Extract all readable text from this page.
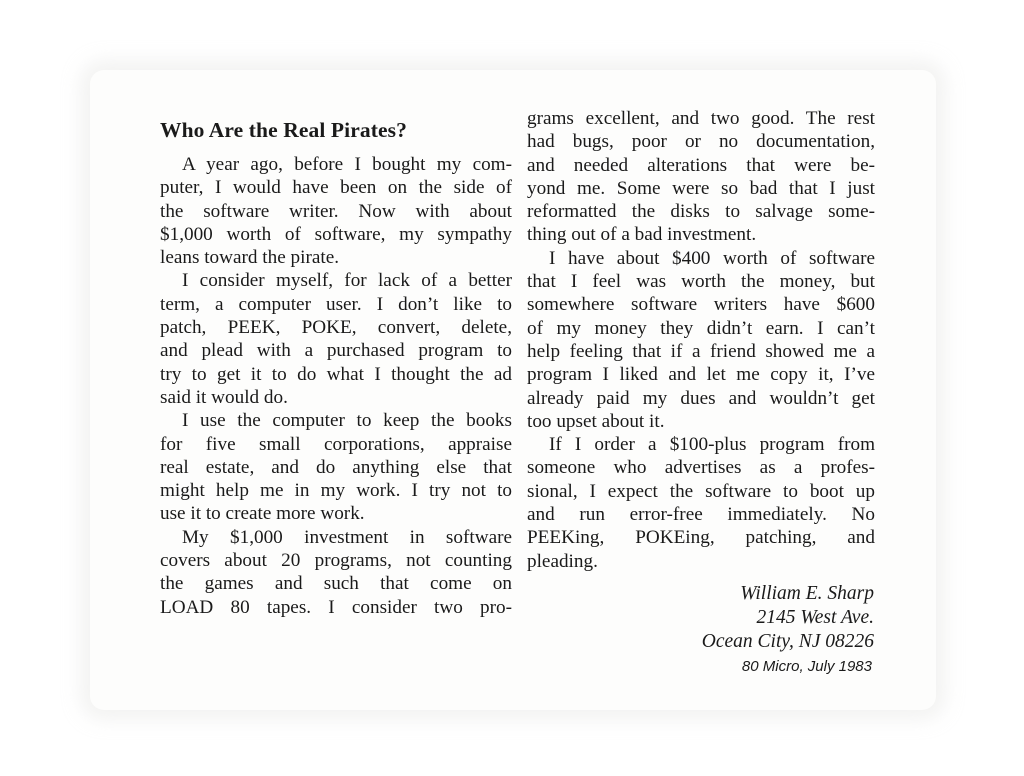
Who Are the Real Pirates?
A year ago, before I bought my com-
puter, I would have been on the side of
the software writer. Now with about
$1,000 worth of software, my sympathy
leans toward the pirate.
I consider myself, for lack of a better
term, a computer user. I don’t like to
patch, PEEK, POKE, convert, delete,
and plead with a purchased program to
try to get it to do what I thought the ad
said it would do.
I use the computer to keep the books
for five small corporations, appraise
real estate, and do anything else that
might help me in my work. I try not to
use it to create more work.
My $1,000 investment in software
covers about 20 programs, not counting
the games and such that come on
LOAD 80 tapes. I consider two pro-
grams excellent, and two good. The rest
had bugs, poor or no documentation,
and needed alterations that were be-
yond me. Some were so bad that I just
reformatted the disks to salvage some-
thing out of a bad investment.
I have about $400 worth of software
that I feel was worth the money, but
somewhere software writers have $600
of my money they didn’t earn. I can’t
help feeling that if a friend showed me a
program I liked and let me copy it, I’ve
already paid my dues and wouldn’t get
too upset about it.
If I order a $100-plus program from
someone who advertises as a profes-
sional, I expect the software to boot up
and run error-free immediately. No
PEEKing, POKEing, patching, and
pleading.
William E. Sharp
2145 West Ave.
Ocean City, NJ 08226
80 Micro, July 1983
